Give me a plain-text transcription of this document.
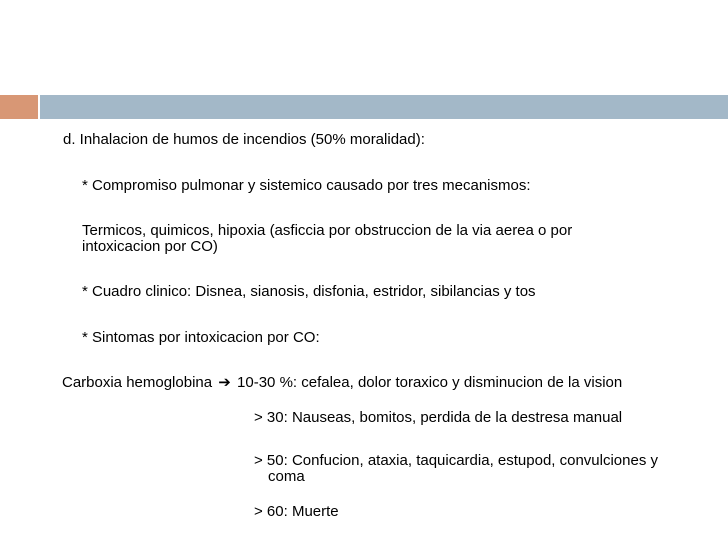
d. Inhalacion de humos de incendios (50% moralidad):
* Compromiso pulmonar y sistemico causado por tres mecanismos:
Termicos, quimicos, hipoxia (asficcia por obstruccion de la via aerea o por
intoxicacion por CO)
* Cuadro clinico: Disnea, sianosis, disfonia, estridor, sibilancias y tos
* Sintomas por intoxicacion por CO:
Carboxia hemoglobina ➔ 10-30 %: cefalea, dolor toraxico y disminucion de la vision
> 30: Nauseas, bomitos, perdida de la destresa manual
> 50: Confucion, ataxia, taquicardia, estupod, convulciones y
coma
> 60: Muerte
